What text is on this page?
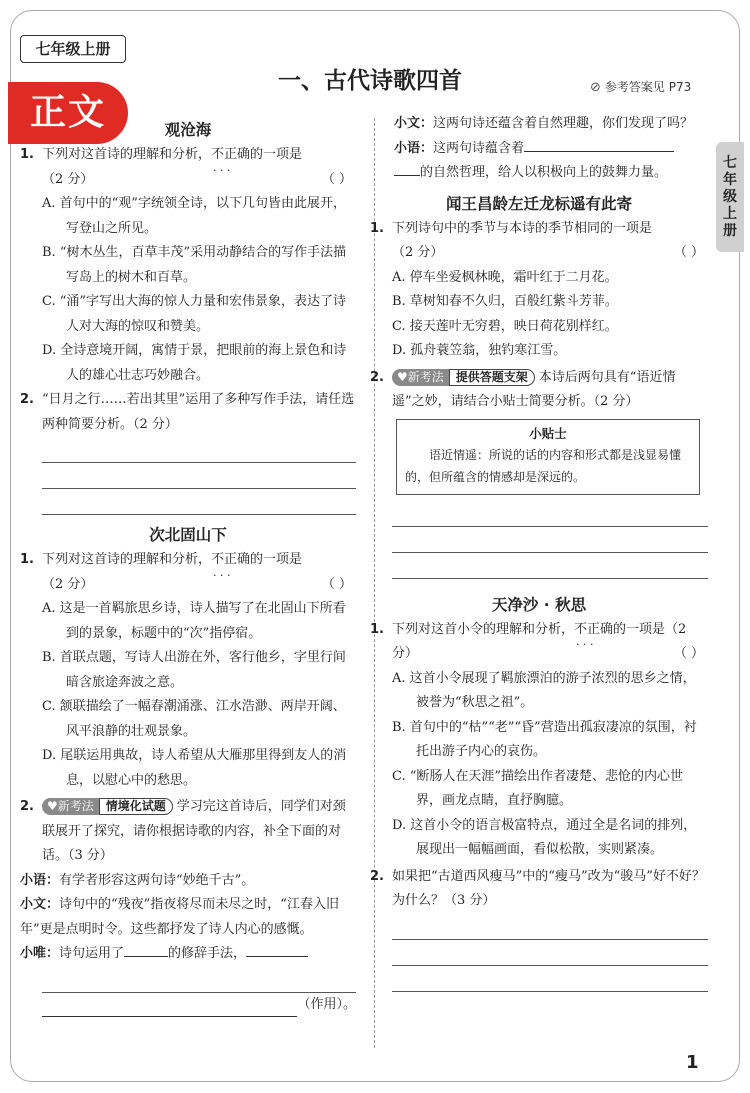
七年级上册
正文
一、古代诗歌四首	⊘ 参考答案见 P73
七
年
级
上
册
观沧海
1. 下列对这首诗的理解和分析，不正确 · · ·的一项是
（2 分）	（ ）
A. 首句中的“观”字统领全诗，以下几句皆由此展开，写登山之所见。
B. “树木丛生，百草丰茂”采用动静结合的写作手法描写岛上的树木和百草。
C. “涌”字写出大海的惊人力量和宏伟景象，表达了诗人对大海的惊叹和赞美。
D. 全诗意境开阔，寓情于景，把眼前的海上景色和诗人的雄心壮志巧妙融合。
2. “日月之行……若出其里”运用了多种写作手法，请任选两种简要分析。（2 分）
次北固山下
1. 下列对这首诗的理解和分析，不正确 · · ·的一项是
（2 分）	（ ）
A. 这是一首羁旅思乡诗，诗人描写了在北固山下所看到的景象，标题中的“次”指停宿。
B. 首联点题，写诗人出游在外，客行他乡，字里行间暗含旅途奔波之意。
C. 颔联描绘了一幅春潮涌涨、江水浩渺、两岸开阔、风平浪静的壮观景象。
D. 尾联运用典故，诗人希望从大雁那里得到友人的消息，以慰心中的愁思。
2.	♥新考法 情境化试题 学习完这首诗后，同学们对颈联展开了探究，请你根据诗歌的内容，补全下面的对话。（3 分）
小语：有学者形容这两句诗“妙绝千古”。
小文：诗句中的“残夜”指夜将尽而未尽之时，“江春入旧年”更是点明时令。这些都抒发了诗人内心的感慨。
小唯：诗句运用了	的修辞手法，
（作用）。
小文：这两句诗还蕴含着自然理趣，你们发现了吗？
小语：这两句诗蕴含着
的自然哲理，给人以积极向上的鼓舞力量。
闻王昌龄左迁龙标遥有此寄
1. 下列诗句中的季节与本诗的季节相同的一项是
（2 分）	（ ）
A. 停车坐爱枫林晚，霜叶红于二月花。
B. 草树知春不久归，百般红紫斗芳菲。
C. 接天莲叶无穷碧，映日荷花别样红。
D. 孤舟蓑笠翁，独钓寒江雪。
2.	♥新考法 提供答题支架 本诗后两句具有“语近情遥”之妙，请结合小贴士简要分析。（2 分）
小贴士
语近情遥：所说的话的内容和形式都是浅显易懂的，但所蕴含的情感却是深远的。
天净沙 · 秋思
1. 下列对这首小令的理解和分析，不正确 · · ·的一项是（2 分）	（ ）
A. 这首小令展现了羁旅漂泊的游子浓烈的思乡之情，被誉为“秋思之祖”。
B. 首句中的“枯”“老”“昏”营造出孤寂凄凉的氛围，衬托出游子内心的哀伤。
C. “断肠人在天涯”描绘出作者凄楚、悲怆的内心世界，画龙点睛，直抒胸臆。
D. 这首小令的语言极富特点，通过全是名词的排列，展现出一幅幅画面，看似松散，实则紧凑。
2. 如果把“古道西风瘦马”中的“瘦马”改为“骏马”好不好？为什么？（3 分）
1
